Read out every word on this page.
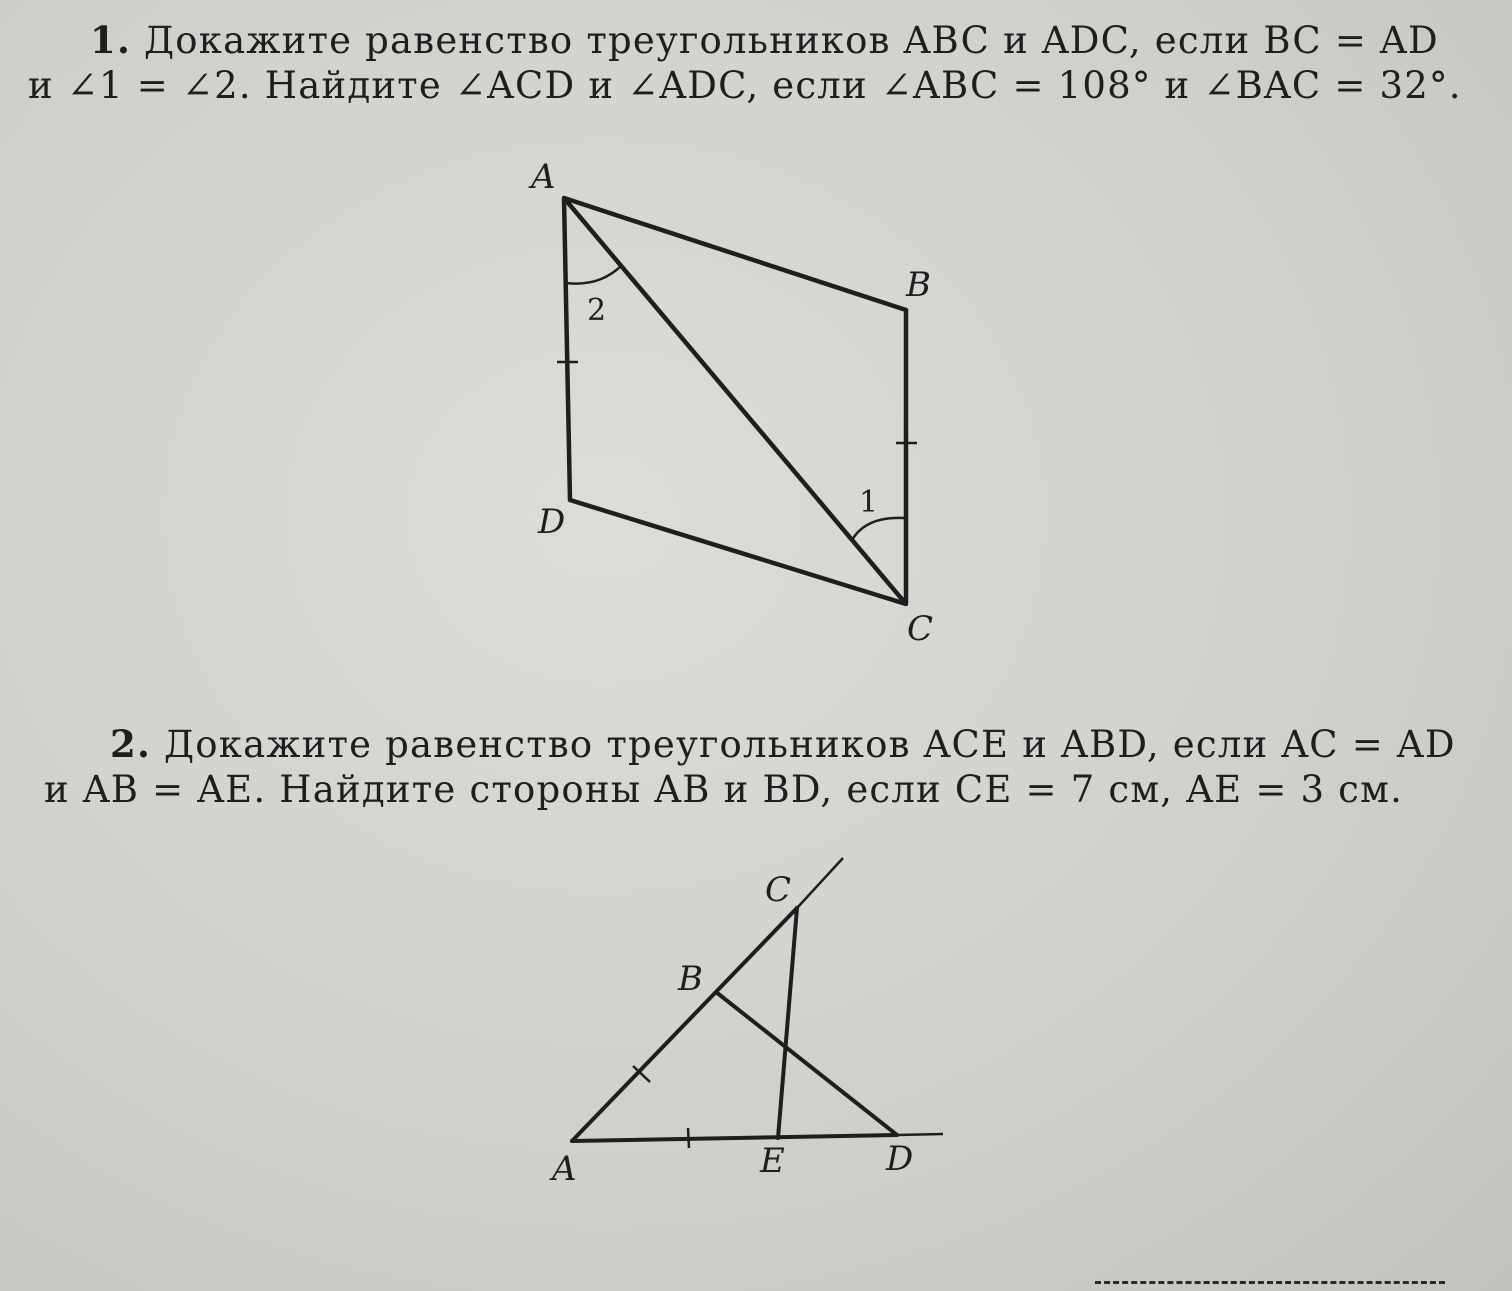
1. Докажите равенство треугольников ABC и ADC, если BC = AD
и ∠1 = ∠2. Найдите ∠ACD и ∠ADC, если ∠ABC = 108° и ∠BAC = 32°.
A
B
C
D
2
1
2. Докажите равенство треугольников ACE и ABD, если AC = AD
и AB = AE. Найдите стороны AB и BD, если CE = 7 см, AE = 3 см.
C
B
A	E	D
